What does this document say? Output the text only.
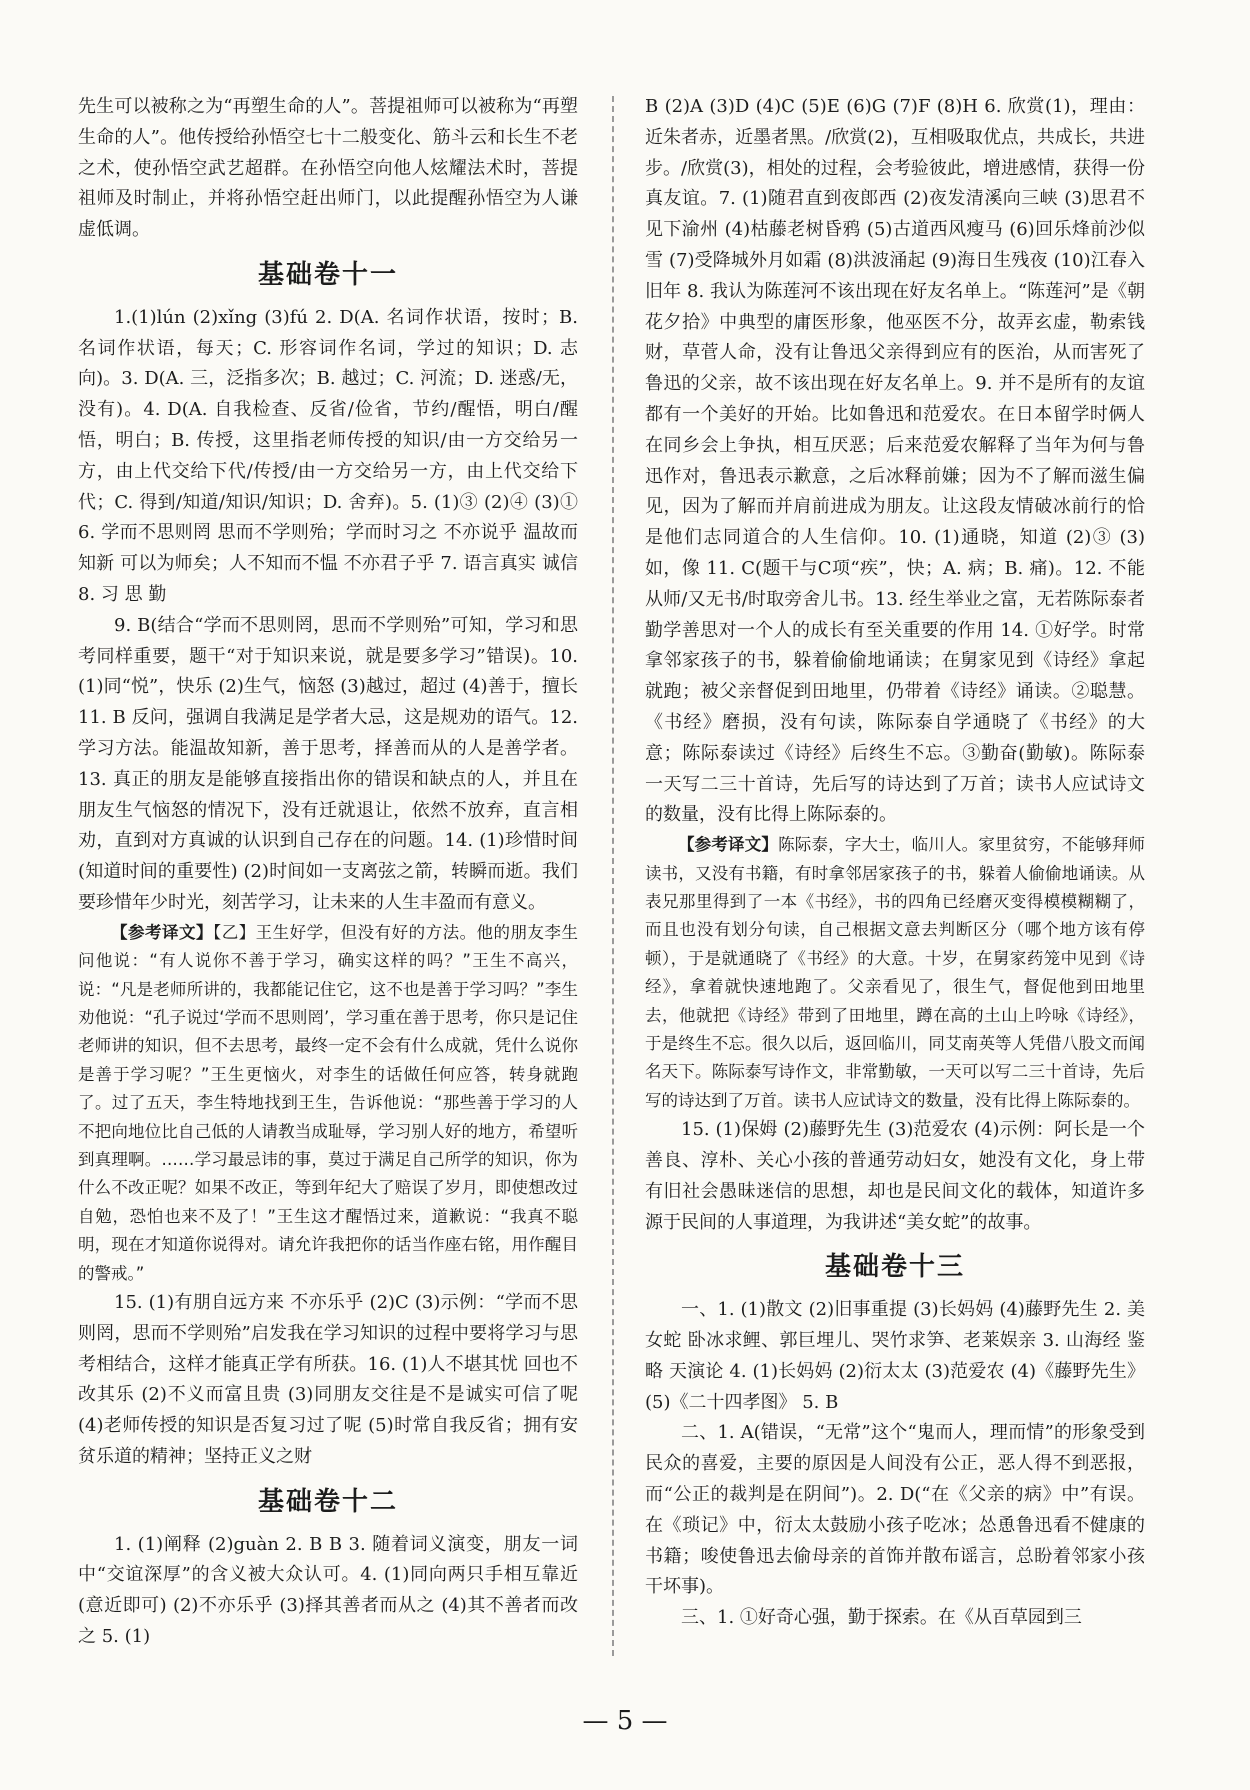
先生可以被称之为“再塑生命的人”。菩提祖师可以被称为“再塑生命的人”。他传授给孙悟空七十二般变化、筋斗云和长生不老之术，使孙悟空武艺超群。在孙悟空向他人炫耀法术时，菩提祖师及时制止，并将孙悟空赶出师门，以此提醒孙悟空为人谦虚低调。

基础卷十一

1.(1)lún (2)xǐng (3)fú 2. D(A. 名词作状语，按时；B. 名词作状语，每天；C. 形容词作名词，学过的知识；D. 志向)。3. D(A. 三，泛指多次；B. 越过；C. 河流；D. 迷惑/无，没有)。4. D(A. 自我检查、反省/俭省，节约/醒悟，明白/醒悟，明白；B. 传授，这里指老师传授的知识/由一方交给另一方，由上代交给下代/传授/由一方交给另一方，由上代交给下代；C. 得到/知道/知识/知识；D. 舍弃)。5. (1)③ (2)④ (3)① 6. 学而不思则罔 思而不学则殆；学而时习之 不亦说乎 温故而知新 可以为师矣；人不知而不愠 不亦君子乎 7. 语言真实 诚信 8. 习 思 勤

9. B(结合“学而不思则罔，思而不学则殆”可知，学习和思考同样重要，题干“对于知识来说，就是要多学习”错误)。10. (1)同“悦”，快乐 (2)生气，恼怒 (3)越过，超过 (4)善于，擅长 11. B 反问，强调自我满足是学者大忌，这是规劝的语气。12. 学习方法。能温故知新，善于思考，择善而从的人是善学者。13. 真正的朋友是能够直接指出你的错误和缺点的人，并且在朋友生气恼怒的情况下，没有迁就退让，依然不放弃，直言相劝，直到对方真诚的认识到自己存在的问题。14. (1)珍惜时间(知道时间的重要性) (2)时间如一支离弦之箭，转瞬而逝。我们要珍惜年少时光，刻苦学习，让未来的人生丰盈而有意义。

【参考译文】【乙】王生好学，但没有好的方法。他的朋友李生问他说：“有人说你不善于学习，确实这样的吗？”王生不高兴，说：“凡是老师所讲的，我都能记住它，这不也是善于学习吗？”李生劝他说：“孔子说过‘学而不思则罔’，学习重在善于思考，你只是记住老师讲的知识，但不去思考，最终一定不会有什么成就，凭什么说你是善于学习呢？”王生更恼火，对李生的话做任何应答，转身就跑了。过了五天，李生特地找到王生，告诉他说：“那些善于学习的人不把向地位比自己低的人请教当成耻辱，学习别人好的地方，希望听到真理啊。……学习最忌讳的事，莫过于满足自己所学的知识，你为什么不改正呢？如果不改正，等到年纪大了赔误了岁月，即使想改过自勉，恐怕也来不及了！”王生这才醒悟过来，道歉说：“我真不聪明，现在才知道你说得对。请允许我把你的话当作座右铭，用作醒目的警戒。”

15. (1)有朋自远方来 不亦乐乎 (2)C (3)示例：“学而不思则罔，思而不学则殆”启发我在学习知识的过程中要将学习与思考相结合，这样才能真正学有所获。16. (1)人不堪其忧 回也不改其乐 (2)不义而富且贵 (3)同朋友交往是不是诚实可信了呢 (4)老师传授的知识是否复习过了呢 (5)时常自我反省；拥有安贫乐道的精神；坚持正义之财

基础卷十二

1. (1)阐释 (2)guàn 2. B B 3. 随着词义演变，朋友一词中“交谊深厚”的含义被大众认可。4. (1)同向两只手相互靠近(意近即可) (2)不亦乐乎 (3)择其善者而从之 (4)其不善者而改之 5. (1)

B (2)A (3)D (4)C (5)E (6)G (7)F (8)H 6. 欣赏(1)，理由：近朱者赤，近墨者黑。/欣赏(2)，互相吸取优点，共成长，共进步。/欣赏(3)，相处的过程，会考验彼此，增进感情，获得一份真友谊。7. (1)随君直到夜郎西 (2)夜发清溪向三峡 (3)思君不见下渝州 (4)枯藤老树昏鸦 (5)古道西风瘦马 (6)回乐烽前沙似雪 (7)受降城外月如霜 (8)洪波涌起 (9)海日生残夜 (10)江春入旧年 8. 我认为陈莲河不该出现在好友名单上。“陈莲河”是《朝花夕拾》中典型的庸医形象，他巫医不分，故弄玄虚，勒索钱财，草菅人命，没有让鲁迅父亲得到应有的医治，从而害死了鲁迅的父亲，故不该出现在好友名单上。9. 并不是所有的友谊都有一个美好的开始。比如鲁迅和范爱农。在日本留学时俩人在同乡会上争执，相互厌恶；后来范爱农解释了当年为何与鲁迅作对，鲁迅表示歉意，之后冰释前嫌；因为不了解而滋生偏见，因为了解而并肩前进成为朋友。让这段友情破冰前行的恰是他们志同道合的人生信仰。10. (1)通晓，知道 (2)③ (3)如，像 11. C(题干与C项“疾”，快；A. 病；B. 痛)。12. 不能从师/又无书/时取旁舍儿书。13. 经生举业之富，无若陈际泰者 勤学善思对一个人的成长有至关重要的作用 14. ①好学。时常拿邻家孩子的书，躲着偷偷地诵读；在舅家见到《诗经》拿起就跑；被父亲督促到田地里，仍带着《诗经》诵读。②聪慧。《书经》磨损，没有句读，陈际泰自学通晓了《书经》的大意；陈际泰读过《诗经》后终生不忘。③勤奋(勤敏)。陈际泰一天写二三十首诗，先后写的诗达到了万首；读书人应试诗文的数量，没有比得上陈际泰的。

【参考译文】陈际泰，字大士，临川人。家里贫穷，不能够拜师读书，又没有书籍，有时拿邻居家孩子的书，躲着人偷偷地诵读。从表兄那里得到了一本《书经》，书的四角已经磨灭变得模模糊糊了，而且也没有划分句读，自己根据文意去判断区分（哪个地方该有停顿），于是就通晓了《书经》的大意。十岁，在舅家药笼中见到《诗经》，拿着就快速地跑了。父亲看见了，很生气，督促他到田地里去，他就把《诗经》带到了田地里，蹲在高的土山上吟咏《诗经》，于是终生不忘。很久以后，返回临川，同艾南英等人凭借八股文而闻名天下。陈际泰写诗作文，非常勤敏，一天可以写二三十首诗，先后写的诗达到了万首。读书人应试诗文的数量，没有比得上陈际泰的。

15. (1)保姆 (2)藤野先生 (3)范爱农 (4)示例：阿长是一个善良、淳朴、关心小孩的普通劳动妇女，她没有文化，身上带有旧社会愚昧迷信的思想，却也是民间文化的载体，知道许多源于民间的人事道理，为我讲述“美女蛇”的故事。

基础卷十三

一、1. (1)散文 (2)旧事重提 (3)长妈妈 (4)藤野先生 2. 美女蛇 卧冰求鲤、郭巨埋儿、哭竹求笋、老莱娱亲 3. 山海经 鉴略 天演论 4. (1)长妈妈 (2)衍太太 (3)范爱农 (4)《藤野先生》 (5)《二十四孝图》 5. B

二、1. A(错误，“无常”这个“鬼而人，理而情”的形象受到民众的喜爱，主要的原因是人间没有公正，恶人得不到恶报，而“公正的裁判是在阴间”)。2. D(“在《父亲的病》中”有误。在《琐记》中，衍太太鼓励小孩子吃冰；怂恿鲁迅看不健康的书籍；唆使鲁迅去偷母亲的首饰并散布谣言，总盼着邻家小孩干坏事)。

三、1. ①好奇心强，勤于探索。在《从百草园到三

— 5 —
